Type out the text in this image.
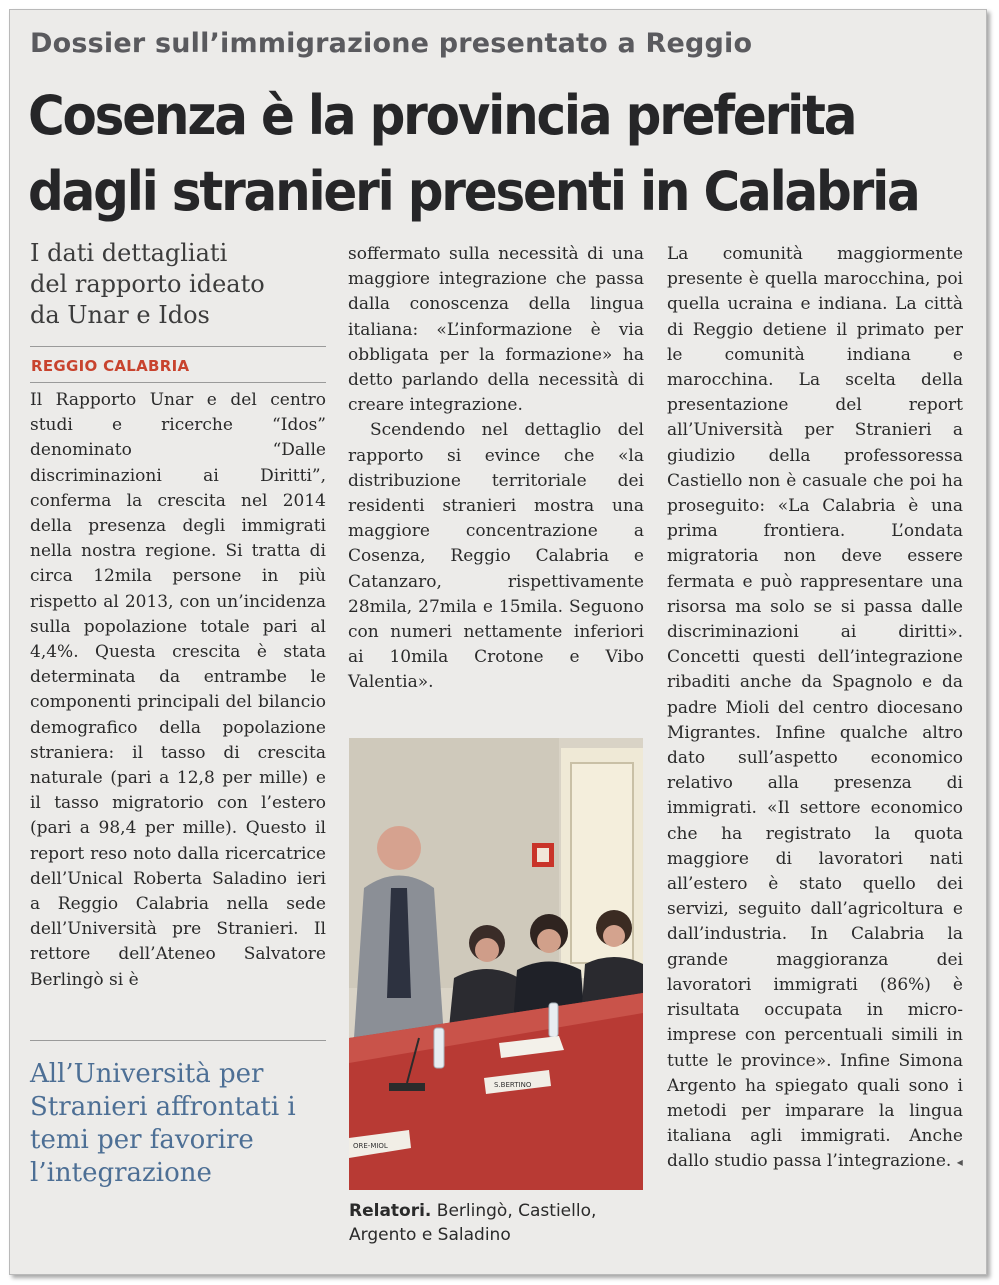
Dossier sull’immigrazione presentato a Reggio
Cosenza è la provincia preferita
dagli stranieri presenti in Calabria
I dati dettagliati
del rapporto ideato
da Unar e Idos
REGGIO CALABRIA

Il Rapporto Unar e del centro studi e ricerche “Idos” denominato “Dalle discriminazioni ai Diritti”, conferma la crescita nel 2014 della presenza degli immigrati nella nostra regione. Si tratta di circa 12mila persone in più rispetto al 2013, con un’incidenza sulla popolazione totale pari al 4,4%. Questa crescita è stata determinata da entrambe le componenti principali del bilancio demografico della popolazione straniera: il tasso di crescita naturale (pari a 12,8 per mille) e il tasso migratorio con l’estero (pari a 98,4 per mille). Questo il report reso noto dalla ricercatrice dell’Unical Roberta Saladino ieri a Reggio Calabria nella sede dell’Università pre Stranieri. Il rettore dell’Ateneo Salvatore Berlingò si è

All’Università per Stranieri affrontati i temi per favorire l’integrazione

soffermato sulla necessità di una maggiore integrazione che passa dalla conoscenza della lingua italiana: «L’informazione è via obbligata per la formazione» ha detto parlando della necessità di creare integrazione.

Scendendo nel dettaglio del rapporto si evince che «la distribuzione territoriale dei residenti stranieri mostra una maggiore concentrazione a Cosenza, Reggio Calabria e Catanzaro, rispettivamente 28mila, 27mila e 15mila. Seguono con numeri nettamente inferiori ai 10mila Crotone e Vibo Valentia».

S.BERTINO
ORE-MIOL
Relatori. Berlingò, Castiello, Argento e Saladino

La comunità maggiormente presente è quella marocchina, poi quella ucraina e indiana. La città di Reggio detiene il primato per le comunità indiana e marocchina. La scelta della presentazione del report all’Università per Stranieri a giudizio della professoressa Castiello non è casuale che poi ha proseguito: «La Calabria è una prima frontiera. L’ondata migratoria non deve essere fermata e può rappresentare una risorsa ma solo se si passa dalle discriminazioni ai diritti». Concetti questi dell’integrazione ribaditi anche da Spagnolo e da padre Mioli del centro diocesano Migrantes. Infine qualche altro dato sull’aspetto economico relativo alla presenza di immigrati. «Il settore economico che ha registrato la quota maggiore di lavoratori nati all’estero è stato quello dei servizi, seguito dall’agricoltura e dall’industria. In Calabria la grande maggioranza dei lavoratori immigrati (86%) è risultata occupata in micro-imprese con percentuali simili in tutte le province». Infine Simona Argento ha spiegato quali sono i metodi per imparare la lingua italiana agli immigrati. Anche dallo studio passa l’integrazione. ◂
